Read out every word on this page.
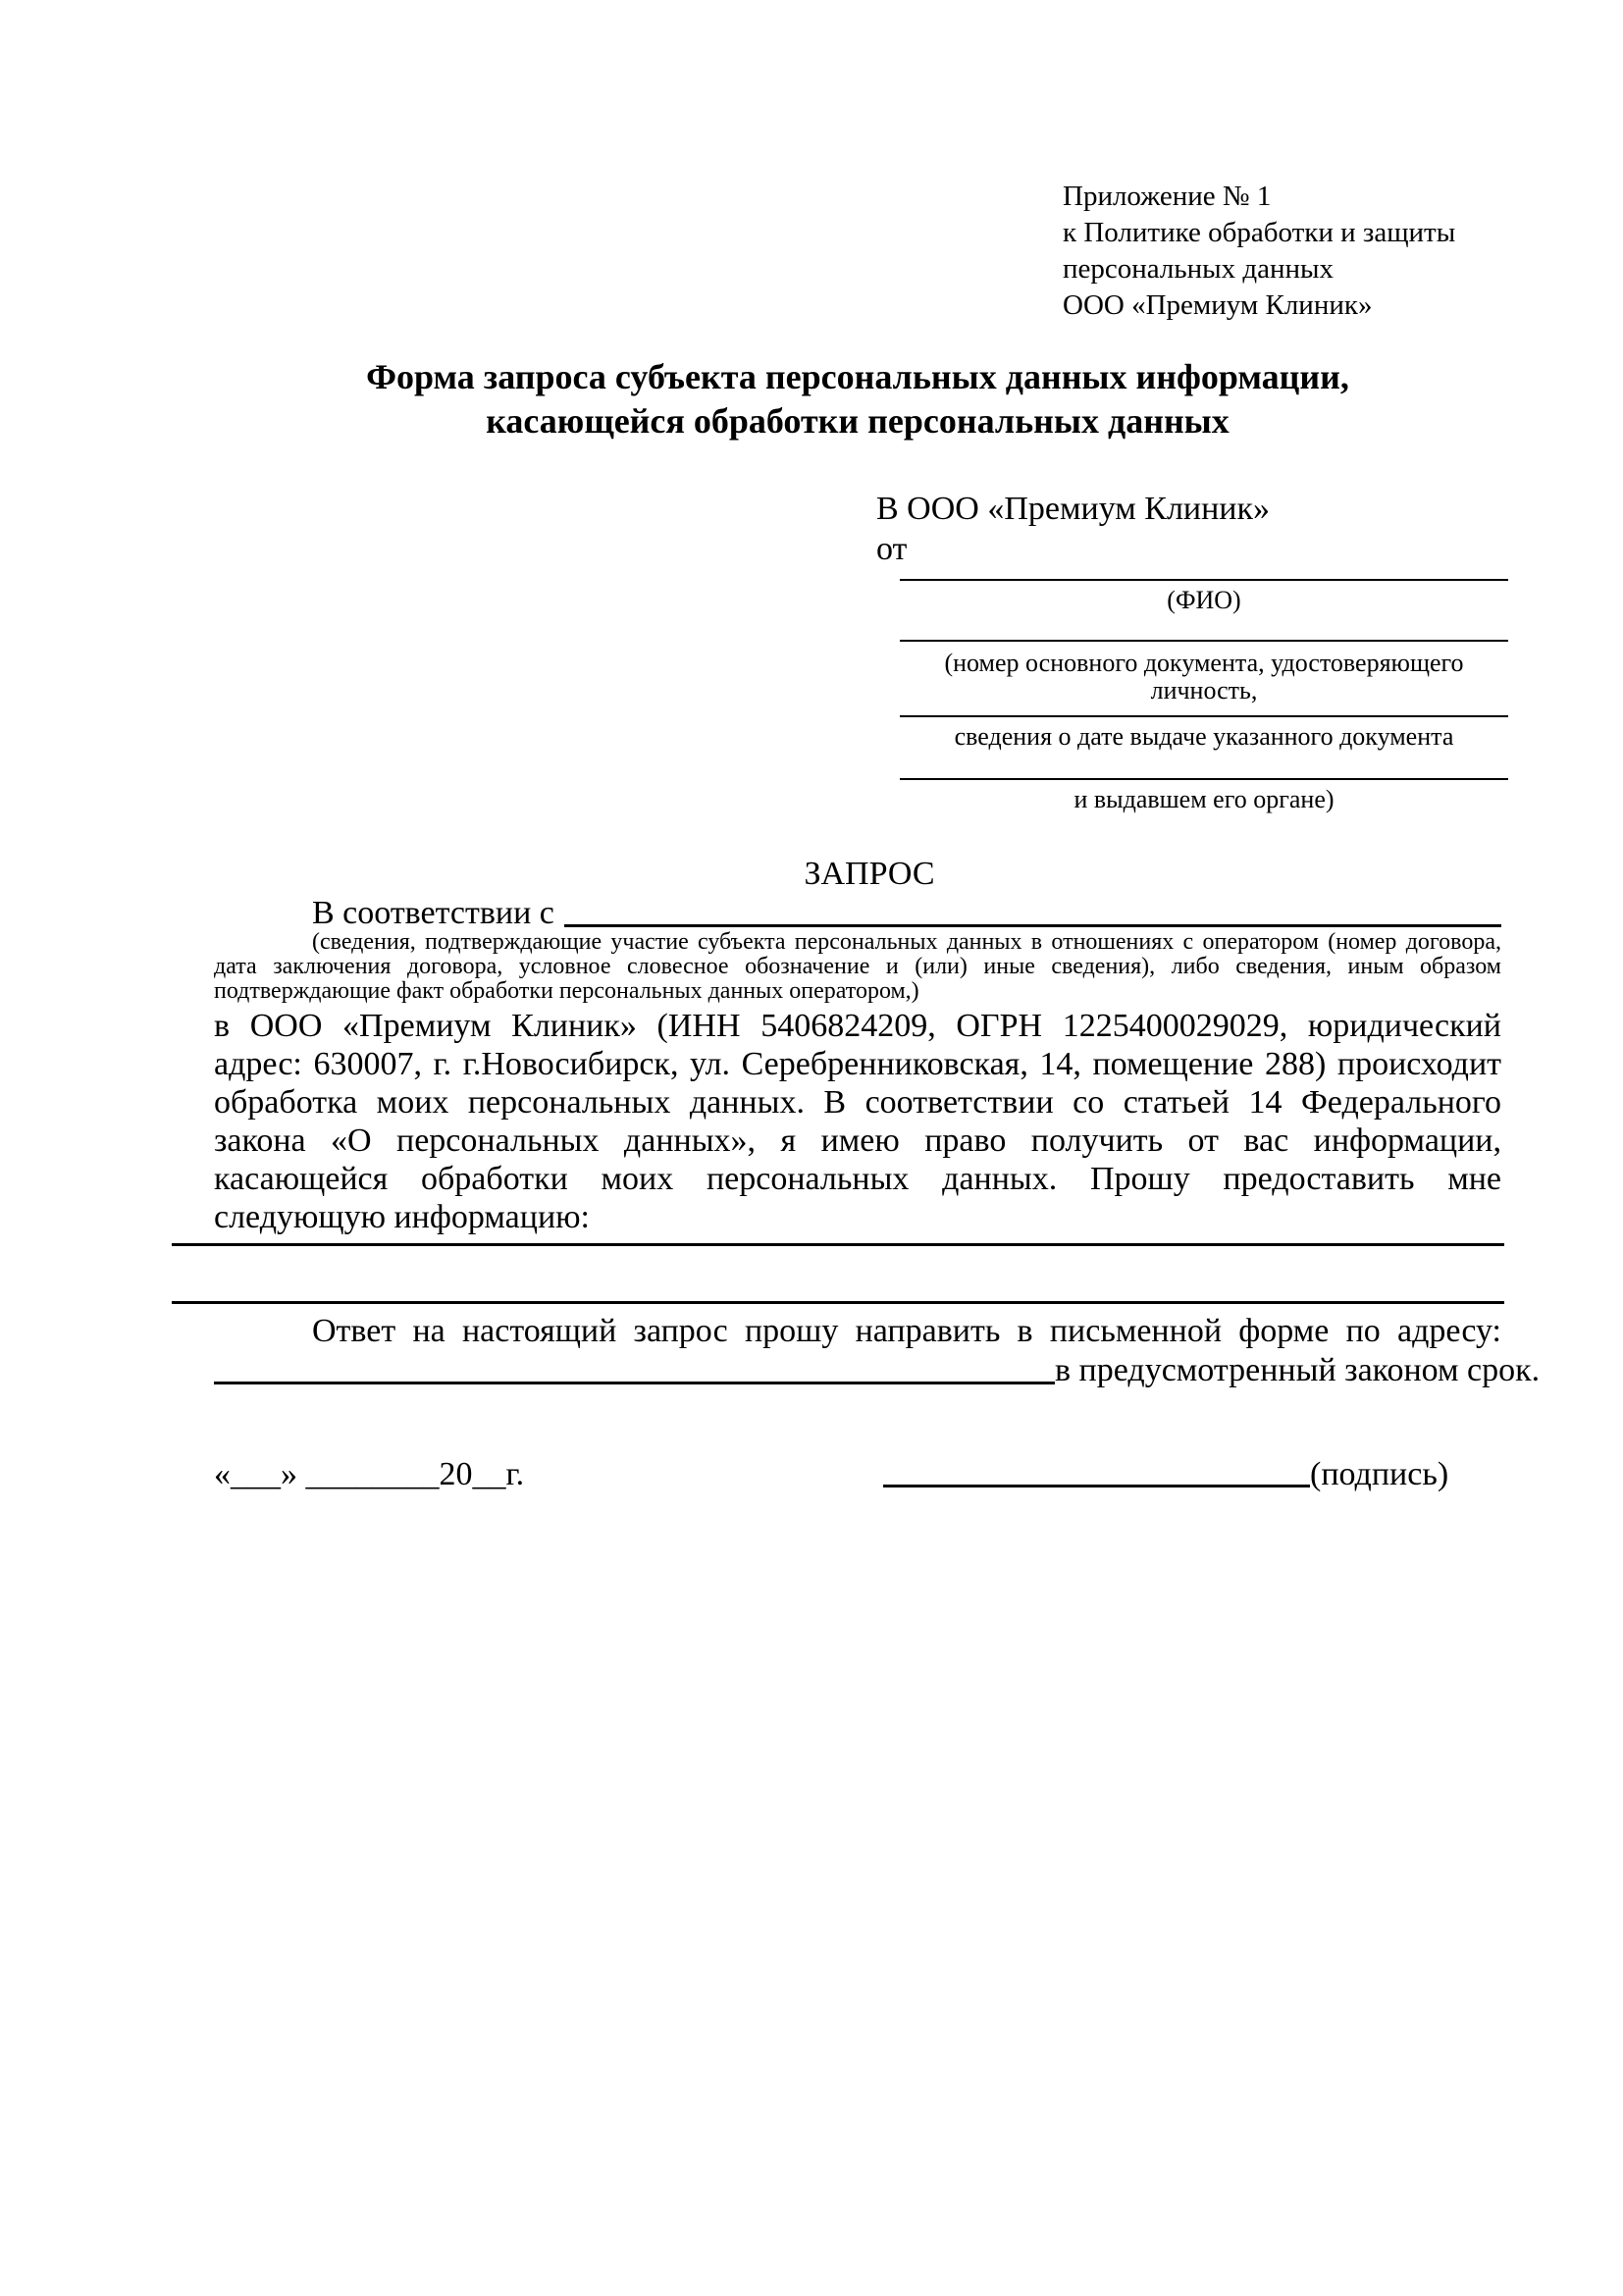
Приложение № 1
к Политике обработки и защиты
персональных данных
ООО «Премиум Клиник»
Форма запроса субъекта персональных данных информации, касающейся обработки персональных данных
В ООО «Премиум Клиник»
от
(ФИО)
(номер основного документа, удостоверяющего личность,
сведения о дате выдаче указанного документа
и выдавшем его органе)
ЗАПРОС
В соответствии с

(сведения, подтверждающие участие субъекта персональных данных в отношениях с оператором (номер договора, дата заключения договора, условное словесное обозначение и (или) иные сведения), либо сведения, иным образом подтверждающие факт обработки персональных данных оператором,)

в ООО «Премиум Клиник» (ИНН 5406824209, ОГРН 1225400029029, юридический адрес: 630007, г. г.Новосибирск, ул. Серебренниковская, 14, помещение 288) происходит обработка моих персональных данных. В соответствии со статьей 14 Федерального закона «О персональных данных», я имею право получить от вас информации, касающейся обработки моих персональных данных. Прошу предоставить мне следующую информацию:

Ответ на настоящий запрос прошу направить в письменной форме по адресу:

в предусмотренный законом срок.
«___» ________20__г.	(подпись)
